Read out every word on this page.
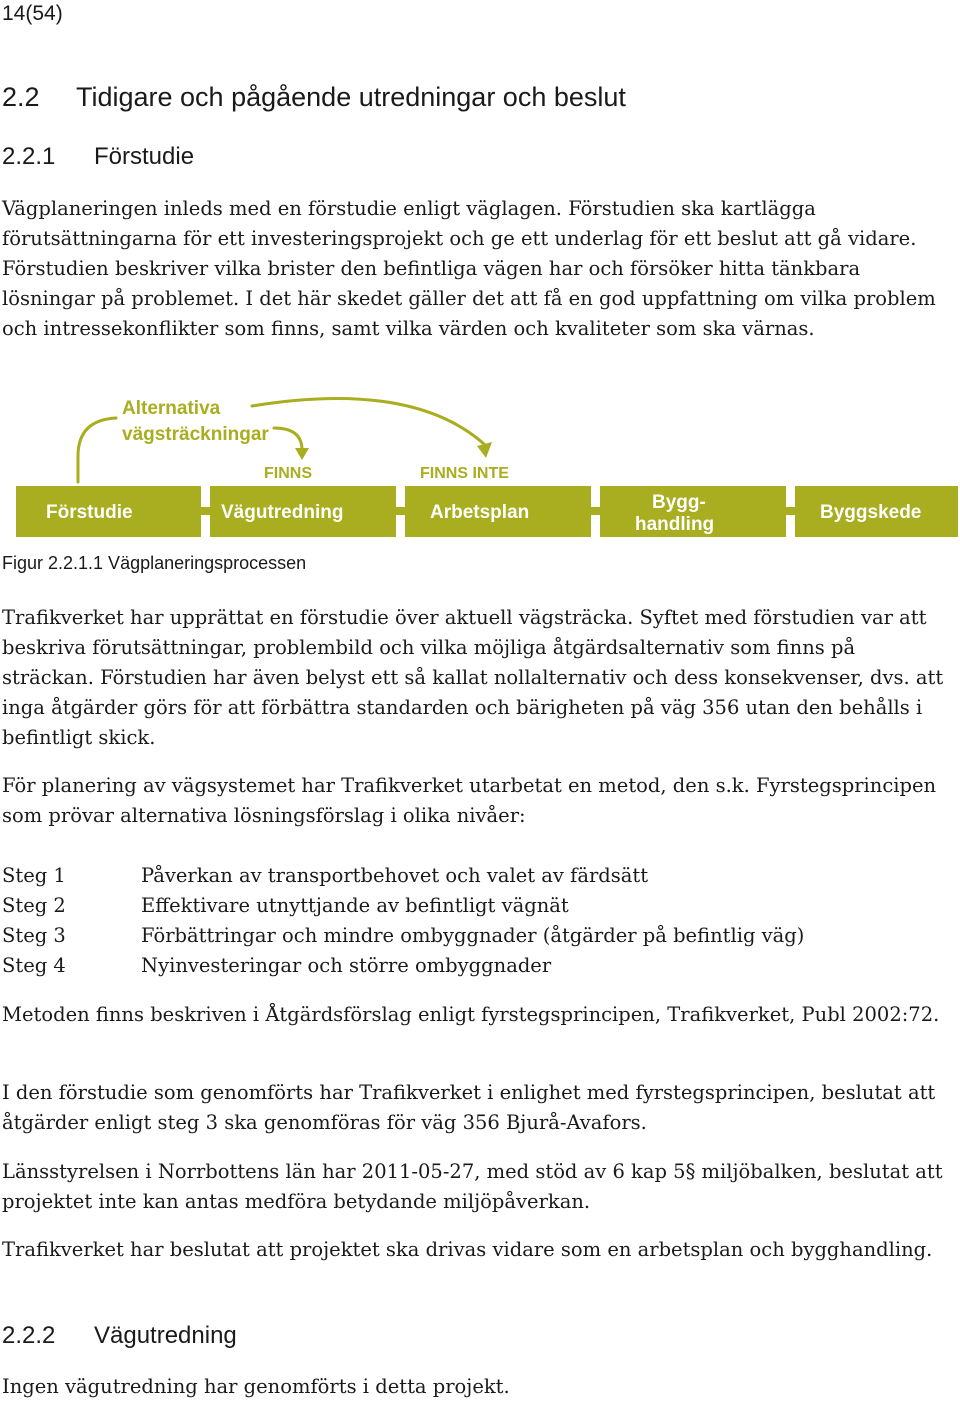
14(54)
2.2 Tidigare och pågående utredningar och beslut
2.2.1 Förstudie

Vägplaneringen inleds med en förstudie enligt väglagen. Förstudien ska kartlägga förutsättningarna för ett investeringsprojekt och ge ett underlag för ett beslut att gå vidare. Förstudien beskriver vilka brister den befintliga vägen har och försöker hitta tänkbara lösningar på problemet. I det här skedet gäller det att få en god uppfattning om vilka problem och intressekonflikter som finns, samt vilka värden och kvaliteter som ska värnas.

Alternativa
vägsträckningar
FINNS	FINNS INTE
Förstudie	Vägutredning	Arbetsplan	Bygg-
handling
Byggskede
Figur 2.2.1.1 Vägplaneringsprocessen

Trafikverket har upprättat en förstudie över aktuell vägsträcka. Syftet med förstudien var att beskriva förutsättningar, problembild och vilka möjliga åtgärdsalternativ som finns på sträckan. Förstudien har även belyst ett så kallat nollalternativ och dess konsekvenser, dvs. att inga åtgärder görs för att förbättra standarden och bärigheten på väg 356 utan den behålls i befintligt skick.

För planering av vägsystemet har Trafikverket utarbetat en metod, den s.k. Fyrstegsprincipen som prövar alternativa lösningsförslag i olika nivåer:

Steg 1	Påverkan av transportbehovet och valet av färdsätt
Steg 2	Effektivare utnyttjande av befintligt vägnät
Steg 3	Förbättringar och mindre ombyggnader (åtgärder på befintlig väg)
Steg 4	Nyinvesteringar och större ombyggnader

Metoden finns beskriven i Åtgärdsförslag enligt fyrstegsprincipen, Trafikverket, Publ 2002:72.

I den förstudie som genomförts har Trafikverket i enlighet med fyrstegsprincipen, beslutat att åtgärder enligt steg 3 ska genomföras för väg 356 Bjurå-Avafors.

Länsstyrelsen i Norrbottens län har 2011-05-27, med stöd av 6 kap 5§ miljöbalken, beslutat att projektet inte kan antas medföra betydande miljöpåverkan.

Trafikverket har beslutat att projektet ska drivas vidare som en arbetsplan och bygghandling.

2.2.2 Vägutredning

Ingen vägutredning har genomförts i detta projekt.
